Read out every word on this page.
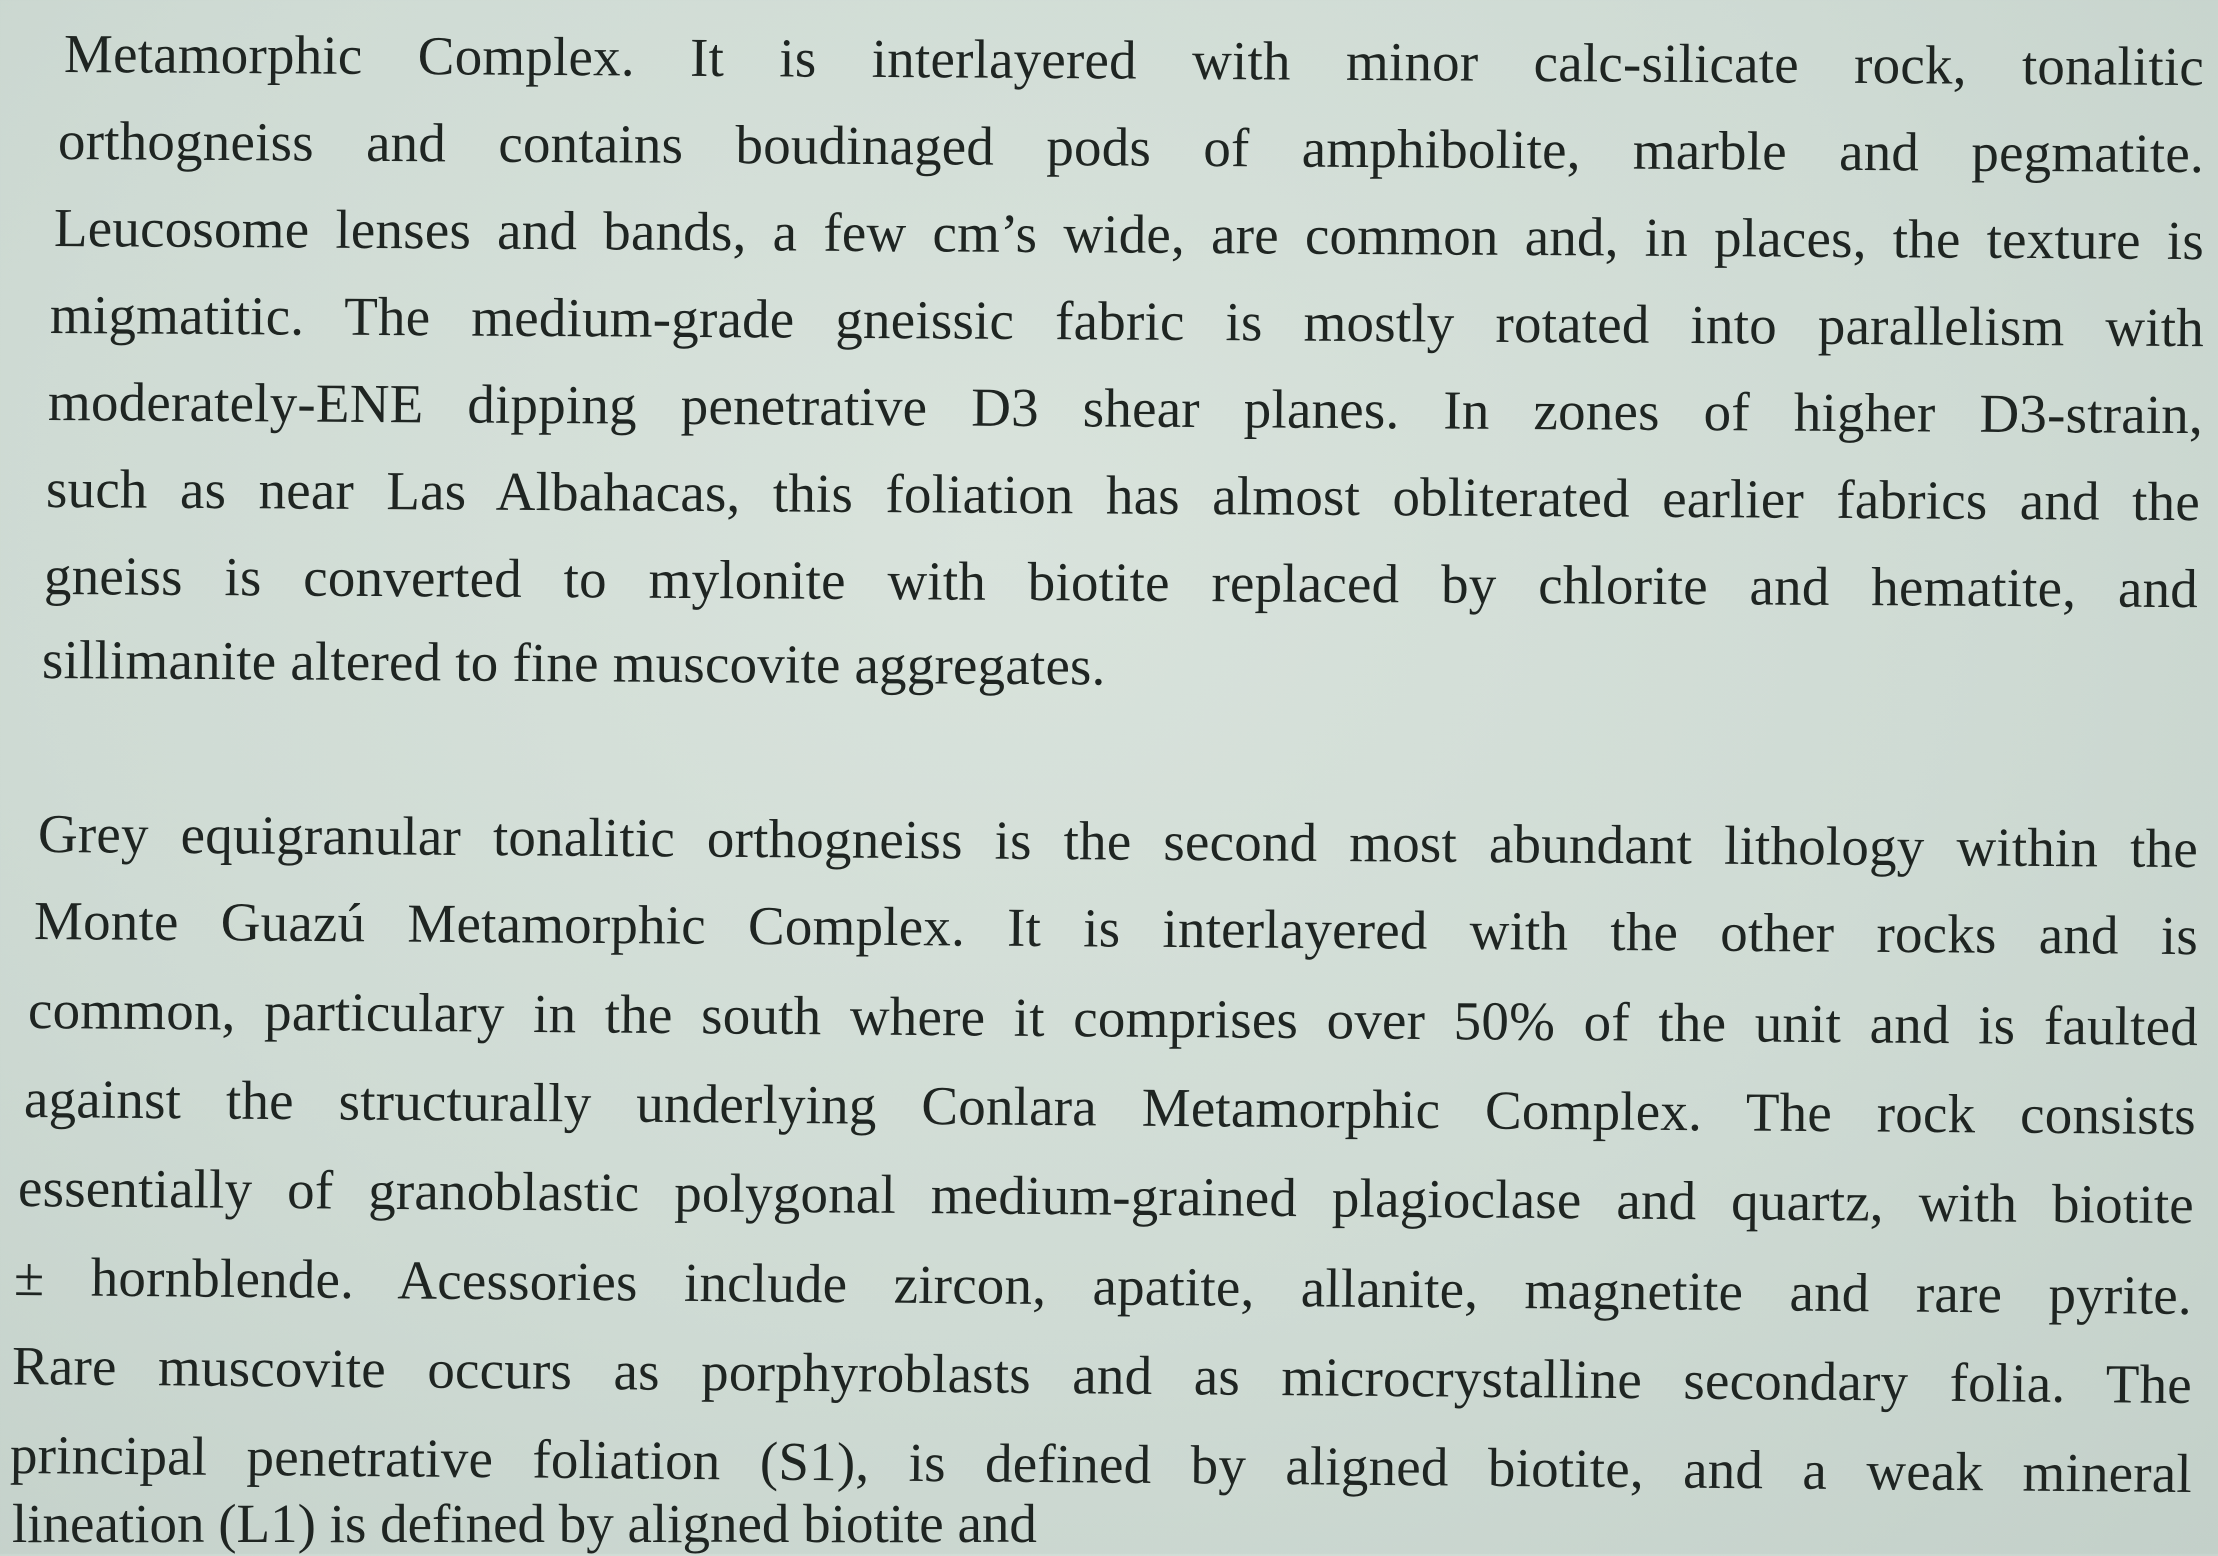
Metamorphic Complex. It is interlayered with minor calc-silicate rock, tonalitic
orthogneiss and contains boudinaged pods of amphibolite, marble and pegmatite.
Leucosome lenses and bands, a few cm’s wide, are common and, in places, the texture is
migmatitic. The medium-grade gneissic fabric is mostly rotated into parallelism with
moderately-ENE dipping penetrative D3 shear planes. In zones of higher D3-strain,
such as near Las Albahacas, this foliation has almost obliterated earlier fabrics and the
gneiss is converted to mylonite with biotite replaced by chlorite and hematite, and
sillimanite altered to fine muscovite aggregates.
Grey equigranular tonalitic orthogneiss is the second most abundant lithology within the
Monte Guazú Metamorphic Complex. It is interlayered with the other rocks and is
common, particulary in the south where it comprises over 50% of the unit and is faulted
against the structurally underlying Conlara Metamorphic Complex. The rock consists
essentially of granoblastic polygonal medium-grained plagioclase and quartz, with biotite
± hornblende. Acessories include zircon, apatite, allanite, magnetite and rare pyrite.
Rare muscovite occurs as porphyroblasts and as microcrystalline secondary folia. The
principal penetrative foliation (S1), is defined by aligned biotite, and a weak mineral
lineation (L1) is defined by aligned biotite and
